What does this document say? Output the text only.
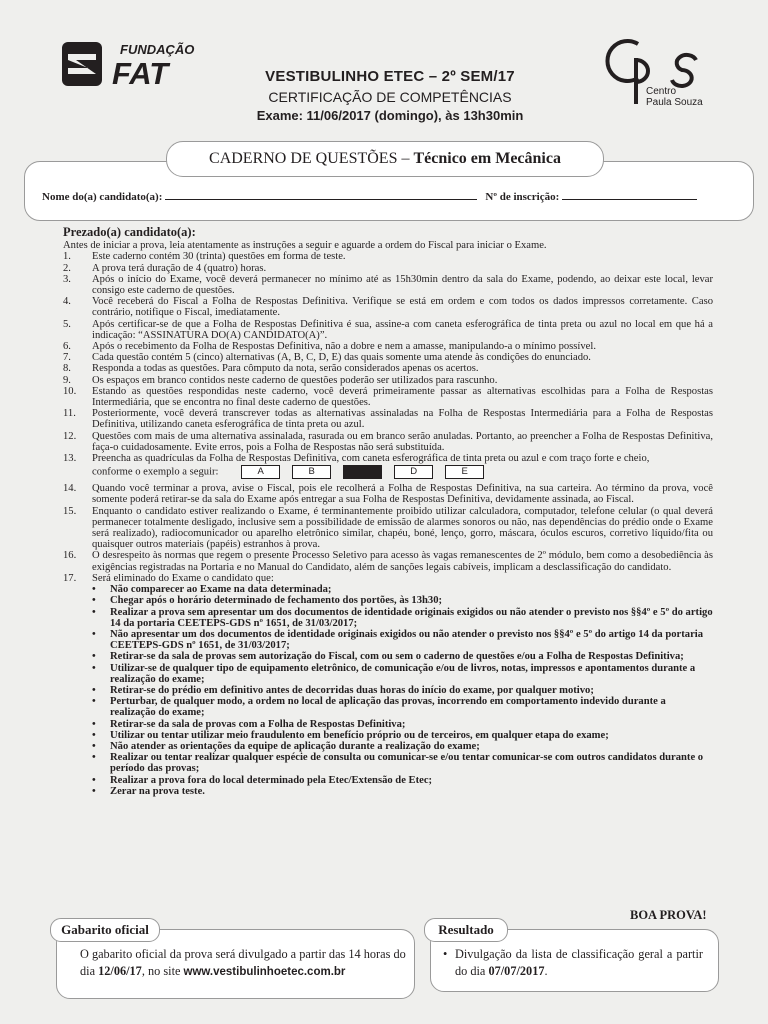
FUNDAÇÃO
FAT
Centro
Paula Souza
VESTIBULINHO ETEC – 2º SEM/17
CERTIFICAÇÃO DE COMPETÊNCIAS
Exame: 11/06/2017 (domingo), às 13h30min
CADERNO DE QUESTÕES – Técnico em Mecânica
Nome do(a) candidato(a):	Nº de inscrição:
Prezado(a) candidato(a):
Antes de iniciar a prova, leia atentamente as instruções a seguir e aguarde a ordem do Fiscal para iniciar o Exame.
1.	Este caderno contém 30 (trinta) questões em forma de teste.
2.	A prova terá duração de 4 (quatro) horas.
3.	Após o início do Exame, você deverá permanecer no mínimo até as 15h30min dentro da sala do Exame, podendo, ao deixar este local, levar consigo este caderno de questões.
4.	Você receberá do Fiscal a Folha de Respostas Definitiva. Verifique se está em ordem e com todos os dados impressos corretamente. Caso contrário, notifique o Fiscal, imediatamente.
5.	Após certificar-se de que a Folha de Respostas Definitiva é sua, assine-a com caneta esferográfica de tinta preta ou azul no local em que há a indicação: “ASSINATURA DO(A) CANDIDATO(A)”.
6.	Após o recebimento da Folha de Respostas Definitiva, não a dobre e nem a amasse, manipulando-a o mínimo possível.
7.	Cada questão contém 5 (cinco) alternativas (A, B, C, D, E) das quais somente uma atende às condições do enunciado.
8.	Responda a todas as questões. Para cômputo da nota, serão considerados apenas os acertos.
9.	Os espaços em branco contidos neste caderno de questões poderão ser utilizados para rascunho.
10.	Estando as questões respondidas neste caderno, você deverá primeiramente passar as alternativas escolhidas para a Folha de Respostas Intermediária, que se encontra no final deste caderno de questões.
11.	Posteriormente, você deverá transcrever todas as alternativas assinaladas na Folha de Respostas Intermediária para a Folha de Respostas Definitiva, utilizando caneta esferográfica de tinta preta ou azul.
12.	Questões com mais de uma alternativa assinalada, rasurada ou em branco serão anuladas. Portanto, ao preencher a Folha de Respostas Definitiva, faça-o cuidadosamente. Evite erros, pois a Folha de Respostas não será substituída.
13.	Preencha as quadrículas da Folha de Respostas Definitiva, com caneta esferográfica de tinta preta ou azul e com traço forte e cheio,
conforme o exemplo a seguir:	A	B	D	E
14.	Quando você terminar a prova, avise o Fiscal, pois ele recolherá a Folha de Respostas Definitiva, na sua carteira. Ao término da prova, você somente poderá retirar-se da sala do Exame após entregar a sua Folha de Respostas Definitiva, devidamente assinada, ao Fiscal.
15.	Enquanto o candidato estiver realizando o Exame, é terminantemente proibido utilizar calculadora, computador, telefone celular (o qual deverá permanecer totalmente desligado, inclusive sem a possibilidade de emissão de alarmes sonoros ou não, nas dependências do prédio onde o Exame será realizado), radiocomunicador ou aparelho eletrônico similar, chapéu, boné, lenço, gorro, máscara, óculos escuros, corretivo líquido/fita ou quaisquer outros materiais (papéis) estranhos à prova.
16.	O desrespeito às normas que regem o presente Processo Seletivo para acesso às vagas remanescentes de 2º módulo, bem como a desobediência às exigências registradas na Portaria e no Manual do Candidato, além de sanções legais cabíveis, implicam a desclassificação do candidato.
17.	Será eliminado do Exame o candidato que:
• Não comparecer ao Exame na data determinada;
• Chegar após o horário determinado de fechamento dos portões, às 13h30;
• Realizar a prova sem apresentar um dos documentos de identidade originais exigidos ou não atender o previsto nos §§4º e 5º do artigo 14 da portaria CEETEPS-GDS nº 1651, de 31/03/2017;
• Não apresentar um dos documentos de identidade originais exigidos ou não atender o previsto nos §§4º e 5º do artigo 14 da portaria CEETEPS-GDS nº 1651, de 31/03/2017;
• Retirar-se da sala de provas sem autorização do Fiscal, com ou sem o caderno de questões e/ou a Folha de Respostas Definitiva;
• Utilizar-se de qualquer tipo de equipamento eletrônico, de comunicação e/ou de livros, notas, impressos e apontamentos durante a realização do exame;
• Retirar-se do prédio em definitivo antes de decorridas duas horas do início do exame, por qualquer motivo;
• Perturbar, de qualquer modo, a ordem no local de aplicação das provas, incorrendo em comportamento indevido durante a realização do exame;
• Retirar-se da sala de provas com a Folha de Respostas Definitiva;
• Utilizar ou tentar utilizar meio fraudulento em benefício próprio ou de terceiros, em qualquer etapa do exame;
• Não atender as orientações da equipe de aplicação durante a realização do exame;
• Realizar ou tentar realizar qualquer espécie de consulta ou comunicar-se e/ou tentar comunicar-se com outros candidatos durante o período das provas;
• Realizar a prova fora do local determinado pela Etec/Extensão de Etec;
• Zerar na prova teste.
BOA PROVA!
Gabarito oficial
O gabarito oficial da prova será divulgado a partir das 14 horas do dia 12/06/17, no site www.vestibulinhoetec.com.br
Resultado
• Divulgação da lista de classificação geral a partir do dia 07/07/2017.
